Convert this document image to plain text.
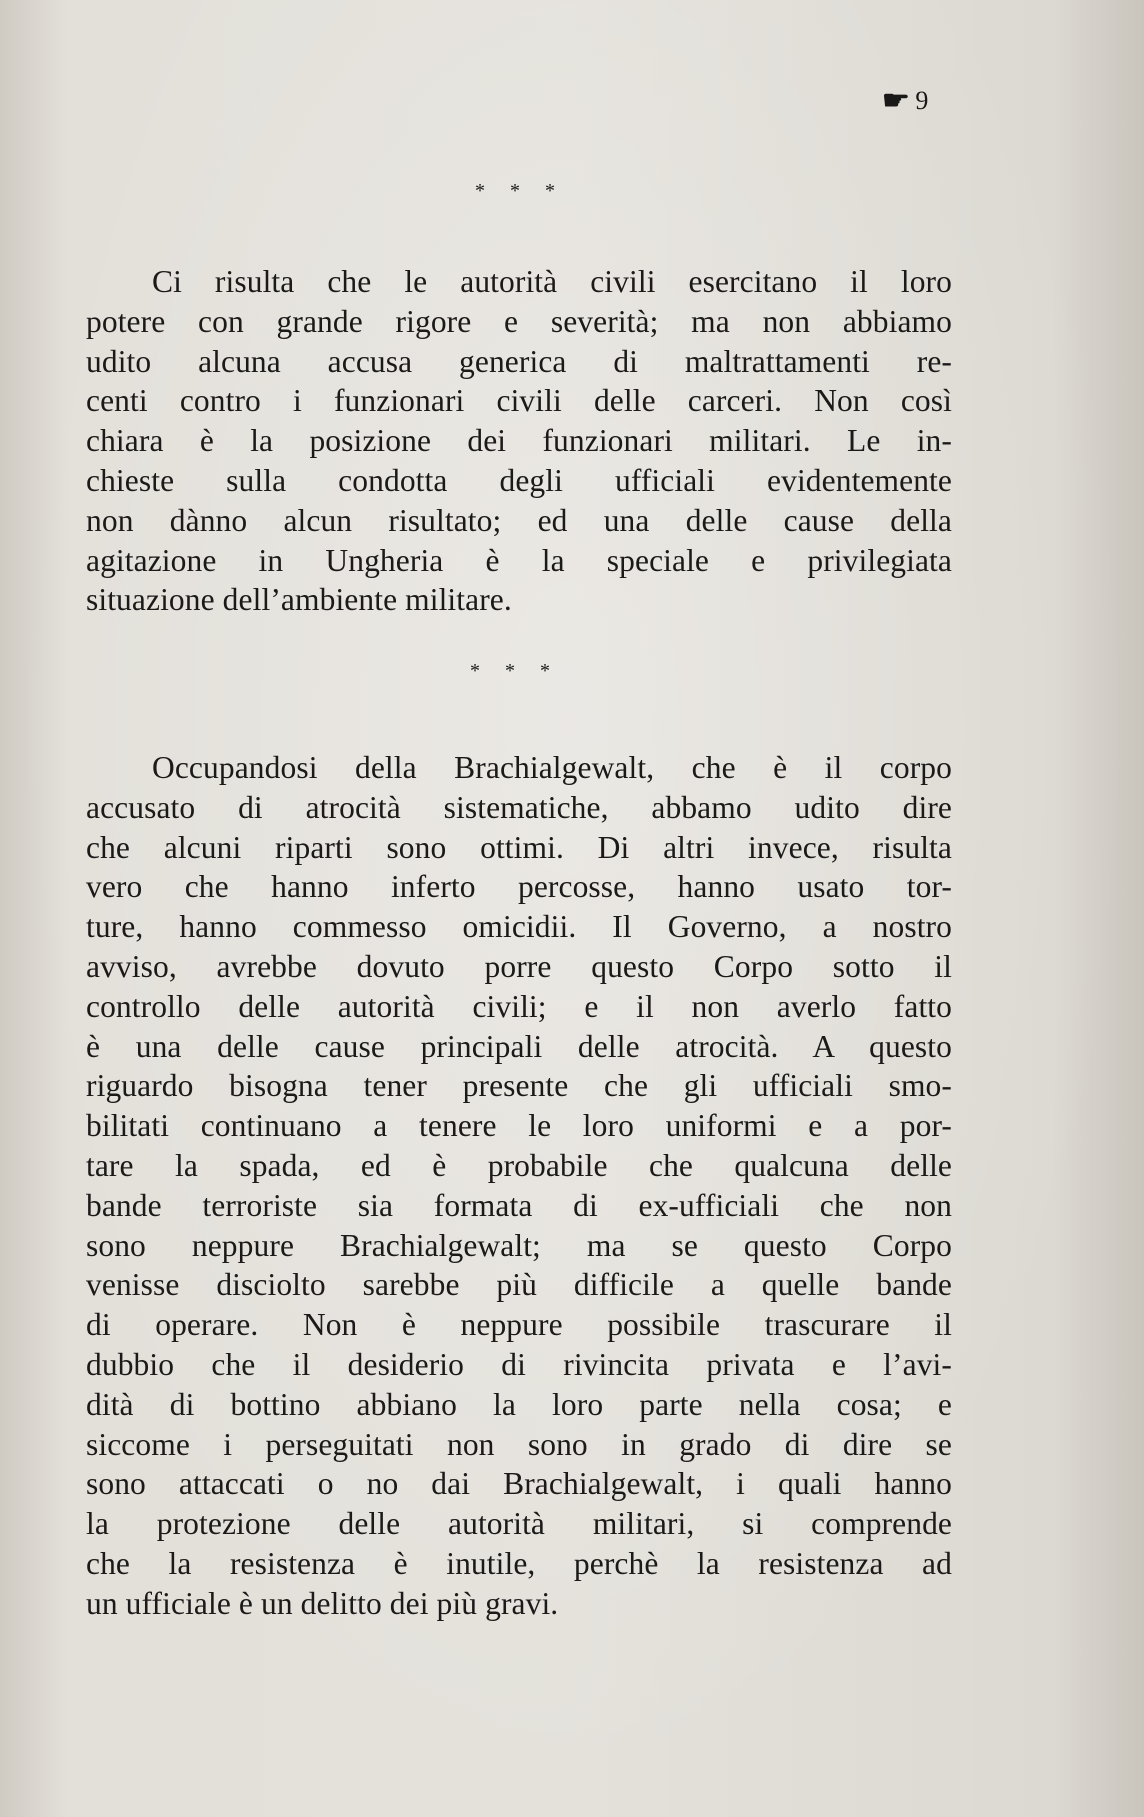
☛ 9
* * *
Ci risulta che le autorità civili esercitano il loro
potere con grande rigore e severità; ma non abbiamo
udito alcuna accusa generica di maltrattamenti re-
centi contro i funzionari civili delle carceri. Non così
chiara è la posizione dei funzionari militari. Le in-
chieste sulla condotta degli ufficiali evidentemente
non dànno alcun risultato; ed una delle cause della
agitazione in Ungheria è la speciale e privilegiata
situazione dell’ambiente militare.
* * *
Occupandosi della Brachialgewalt, che è il corpo
accusato di atrocità sistematiche, abbamo udito dire
che alcuni riparti sono ottimi. Di altri invece, risulta
vero che hanno inferto percosse, hanno usato tor-
ture, hanno commesso omicidii. Il Governo, a nostro
avviso, avrebbe dovuto porre questo Corpo sotto il
controllo delle autorità civili; e il non averlo fatto
è una delle cause principali delle atrocità. A questo
riguardo bisogna tener presente che gli ufficiali smo-
bilitati continuano a tenere le loro uniformi e a por-
tare la spada, ed è probabile che qualcuna delle
bande terroriste sia formata di ex-ufficiali che non
sono neppure Brachialgewalt; ma se questo Corpo
venisse disciolto sarebbe più difficile a quelle bande
di operare. Non è neppure possibile trascurare il
dubbio che il desiderio di rivincita privata e l’avi-
dità di bottino abbiano la loro parte nella cosa; e
siccome i perseguitati non sono in grado di dire se
sono attaccati o no dai Brachialgewalt, i quali hanno
la protezione delle autorità militari, si comprende
che la resistenza è inutile, perchè la resistenza ad
un ufficiale è un delitto dei più gravi.
